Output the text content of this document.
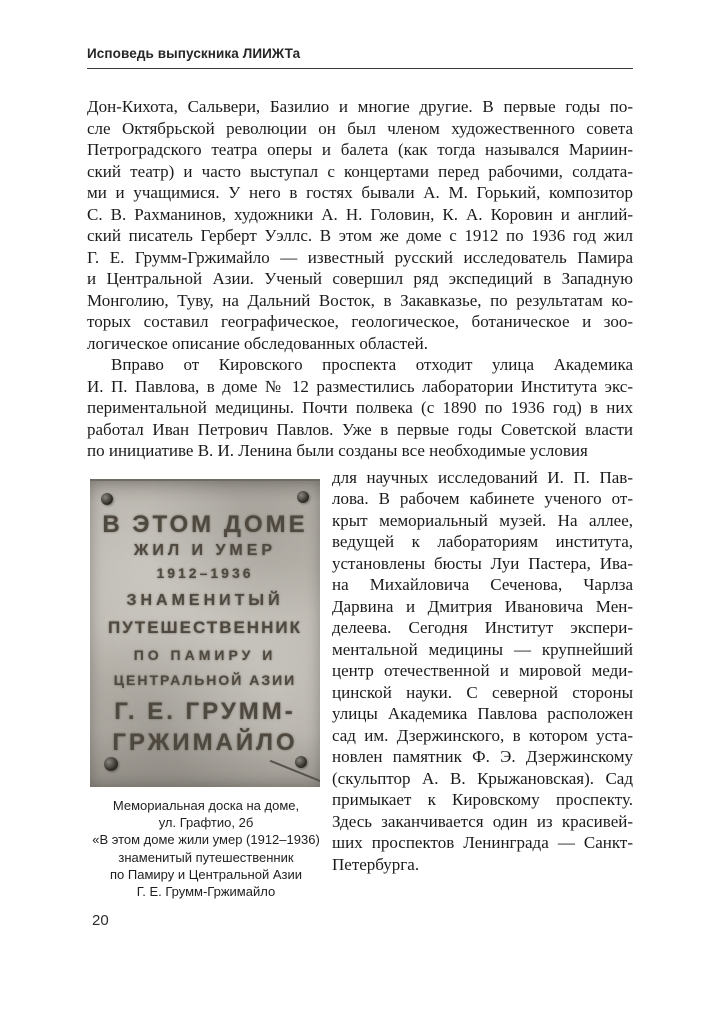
Исповедь выпускника ЛИИЖТа
Дон-Кихота, Сальвери, Базилио и многие другие. В первые годы по-
сле Октябрьской революции он был членом художественного совета
Петроградского театра оперы и балета (как тогда назывался Мариин-
ский театр) и часто выступал с концертами перед рабочими, солдата-
ми и учащимися. У него в гостях бывали А. М. Горький, композитор
С. В. Рахманинов, художники А. Н. Головин, К. А. Коровин и англий-
ский писатель Герберт Уэллс. В этом же доме с 1912 по 1936 год жил
Г. Е. Грумм-Гржимайло — известный русский исследователь Памира
и Центральной Азии. Ученый совершил ряд экспедиций в Западную
Монголию, Туву, на Дальний Восток, в Закавказье, по результатам ко-
торых составил географическое, геологическое, ботаническое и зоо-
логическое описание обследованных областей.
Вправо от Кировского проспекта отходит улица Академика
И. П. Павлова, в доме № 12 разместились лаборатории Института экс-
периментальной медицины. Почти полвека (с 1890 по 1936 год) в них
работал Иван Петрович Павлов. Уже в первые годы Советской власти
по инициативе В. И. Ленина были созданы все необходимые условия
В ЭТОМ ДОМЕ
ЖИЛ И УМЕР
1912–1936
ЗНАМЕНИТЫЙ
ПУТЕШЕСТВЕННИК
ПО ПАМИРУ И
ЦЕНТРАЛЬНОЙ АЗИИ
Г. Е. ГРУММ-
ГРЖИМАЙЛО
Мемориальная доска на доме,
ул. Графтио, 2б
«В этом доме жили умер (1912–1936)
знаменитый путешественник
по Памиру и Центральной Азии
Г. Е. Грумм-Гржимайло
для научных исследований И. П. Пав-
лова. В рабочем кабинете ученого от-
крыт мемориальный музей. На аллее,
ведущей к лабораториям института,
установлены бюсты Луи Пастера, Ива-
на Михайловича Сеченова, Чарлза
Дарвина и Дмитрия Ивановича Мен-
делеева. Сегодня Институт экспери-
ментальной медицины — крупнейший
центр отечественной и мировой меди-
цинской науки. С северной стороны
улицы Академика Павлова расположен
сад им. Дзержинского, в котором уста-
новлен памятник Ф. Э. Дзержинскому
(скульптор А. В. Крыжановская). Сад
примыкает к Кировскому проспекту.
Здесь заканчивается один из красивей-
ших проспектов Ленинграда — Санкт-
Петербурга.
20
